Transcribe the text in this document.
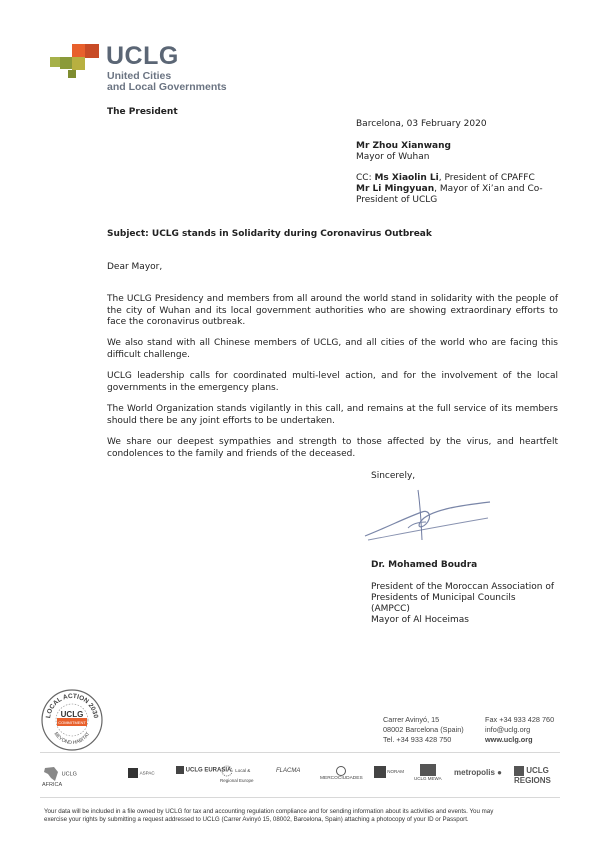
UCLG
United Cities
and Local Governments
The President
Barcelona, 03 February 2020
Mr Zhou Xianwang
Mayor of Wuhan
CC: Ms Xiaolin Li, President of CPAFFC
Mr Li Mingyuan, Mayor of Xi’an and Co-
President of UCLG
Subject: UCLG stands in Solidarity during Coronavirus Outbreak
Dear Mayor,
The UCLG Presidency and members from all around the world stand in solidarity with the people of the city of Wuhan and its local government authorities who are showing extraordinary efforts to face the coronavirus outbreak.
We also stand with all Chinese members of UCLG, and all cities of the world who are facing this difficult challenge.
UCLG leadership calls for coordinated multi-level action, and for the involvement of the local governments in the emergency plans.
The World Organization stands vigilantly in this call, and remains at the full service of its members should there be any joint efforts to be undertaken.
We share our deepest sympathies and strength to those affected by the virus, and heartfelt condolences to the family and friends of the deceased.
Sincerely,
Dr. Mohamed Boudra
President of the Moroccan Association of
Presidents of Municipal Councils
(AMPCC)
Mayor of Al Hoceimas
LOCAL ACTION 2030
BEYOND HABITAT
UCLG
COMMITMENT	Carrer Avinyó, 15
08002 Barcelona (Spain)
Tel. +34 933 428 750
Fax +34 933 428 760
info@uclg.org
www.uclg.org
UCLG AFRICA
ASPAC	UCLG EURASIA Local & Regional Europe
FLACMA
MERCOCIUDADES
NORAM
UCLG MEWA
metropolis ●	UCLG REGIONS
Your data will be included in a file owned by UCLG for tax and accounting regulation compliance and for sending information about its activities and events. You may
exercise your rights by submitting a request addressed to UCLG (Carrer Avinyó 15, 08002, Barcelona, Spain) attaching a photocopy of your ID or Passport.
